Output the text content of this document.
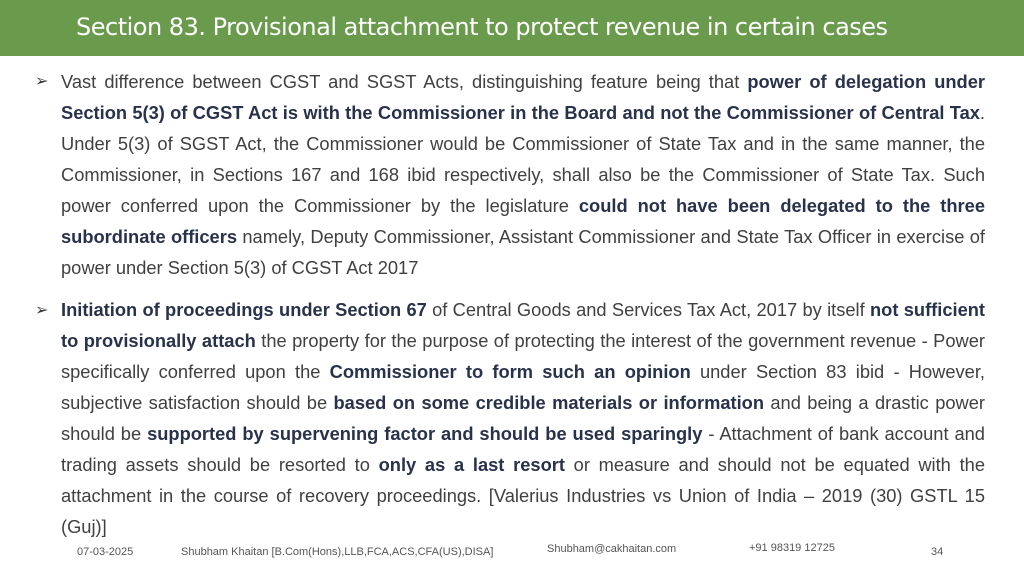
Section 83. Provisional attachment to protect revenue in certain cases
➢ Vast difference between CGST and SGST Acts, distinguishing feature being that power of delegation under Section 5(3) of CGST Act is with the Commissioner in the Board and not the Commissioner of Central Tax. Under 5(3) of SGST Act, the Commissioner would be Commissioner of State Tax and in the same manner, the Commissioner, in Sections 167 and 168 ibid respectively, shall also be the Commissioner of State Tax. Such power conferred upon the Commissioner by the legislature could not have been delegated to the three subordinate officers namely, Deputy Commissioner, Assistant Commissioner and State Tax Officer in exercise of power under Section 5(3) of CGST Act 2017

➢ Initiation of proceedings under Section 67 of Central Goods and Services Tax Act, 2017 by itself not sufficient to provisionally attach the property for the purpose of protecting the interest of the government revenue - Power specifically conferred upon the Commissioner to form such an opinion under Section 83 ibid - However, subjective satisfaction should be based on some credible materials or information and being a drastic power should be supported by supervening factor and should be used sparingly - Attachment of bank account and trading assets should be resorted to only as a last resort or measure and should not be equated with the attachment in the course of recovery proceedings. [Valerius Industries vs Union of India – 2019 (30) GSTL 15 (Guj)]

07-03-2025	Shubham Khaitan [B.Com(Hons),LLB,FCA,ACS,CFA(US),DISA]	Shubham@cakhaitan.com	+91 98319 12725	34
